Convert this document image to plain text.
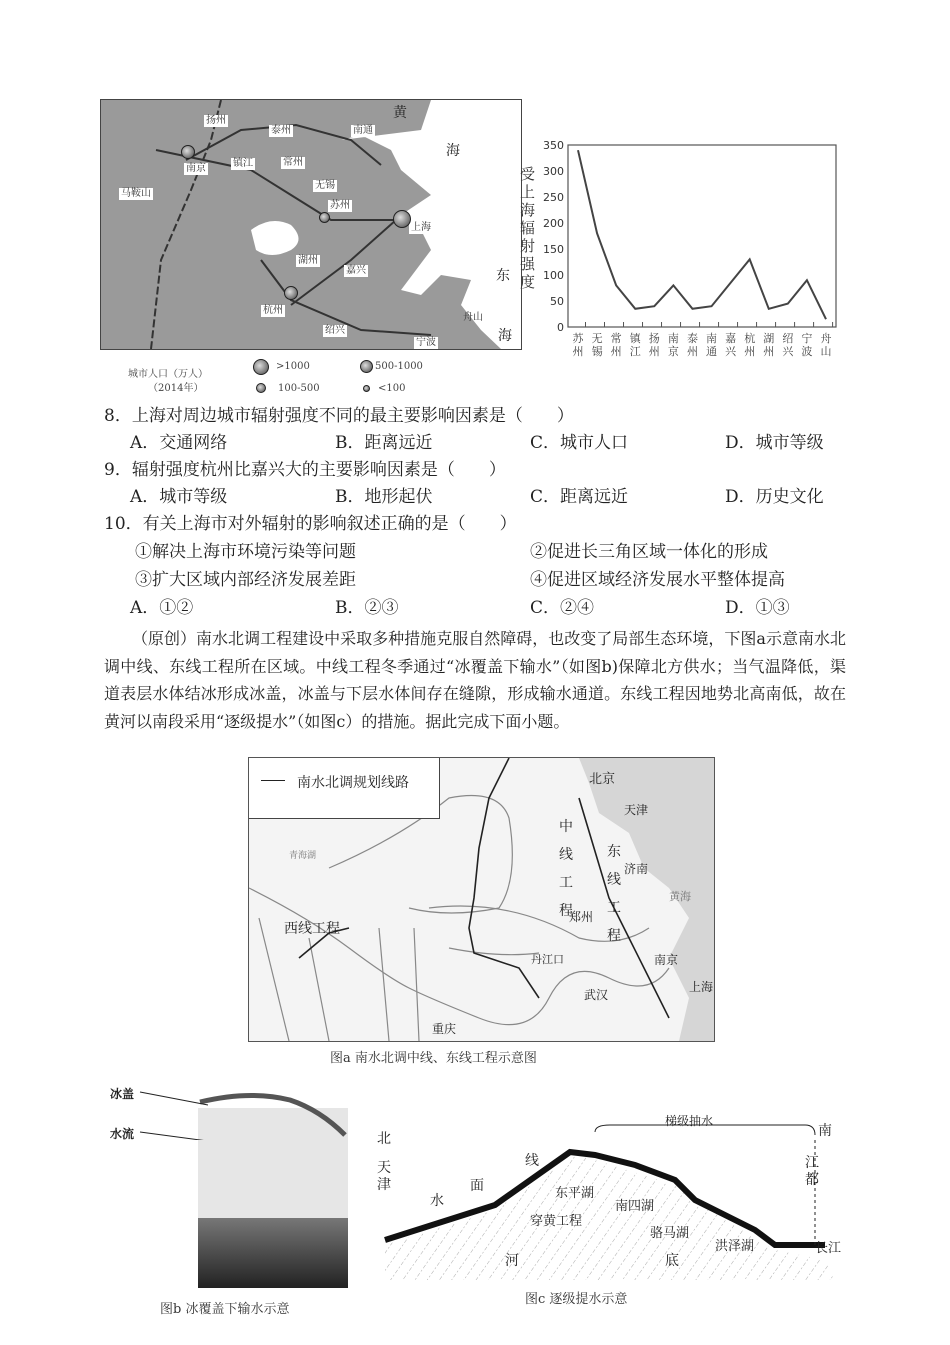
扬州
泰州	南通
南京	镇江	常州
无锡
苏州
上海
马鞍山
湖州
嘉兴
杭州
绍兴
宁波
舟山
黄
海
东
海
城市人口（万人）
（2014年）
>1000	500-1000
100-500	<100
0
50
100
150
200
250
300
350
苏
州
无
锡
常
州
镇
江
扬
州
南
京
泰
州
南
通
嘉
兴
杭
州
湖
州
绍
兴
宁
波
舟
山
受上海辐射强度
8．上海对周边城市辐射强度不同的最主要影响因素是（　　）
A．交通网络	B．距离远近	C．城市人口	D．城市等级
9．辐射强度杭州比嘉兴大的主要影响因素是（　　）
A．城市等级	B．地形起伏	C．距离远近	D．历史文化
10．有关上海市对外辐射的影响叙述正确的是（　　）
①解决上海市环境污染等问题	②促进长三角区域一体化的形成
③扩大区域内部经济发展差距	④促进区域经济发展水平整体提高
A．①②	B．②③	C．②④	D．①③
（原创）南水北调工程建设中采取多种措施克服自然障碍，也改变了局部生态环境，下图a示意南水北调中线、东线工程所在区域。中线工程冬季通过“冰覆盖下输水”（如图b)保障北方供水；当气温降低，渠道表层水体结冰形成冰盖，冰盖与下层水体间存在缝隙，形成输水通道。东线工程因地势北高南低，故在黄河以南段采用“逐级提水”（如图c）的措施。据此完成下面小题。
南水北调规划线路	北京
天津
济南
郑州
丹江口	南京
上海
武汉
重庆
青海湖
黄海
中线工程
东线工程
西线工程
图a 南水北调中线、东线工程示意图
冰盖
水流
图b 冰覆盖下输水示意
北	南
天津
江都
梯级抽水
水
面
线
河	底
东平湖
南四湖
骆马湖
洪泽湖
穿黄工程
长江
图c 逐级提水示意
